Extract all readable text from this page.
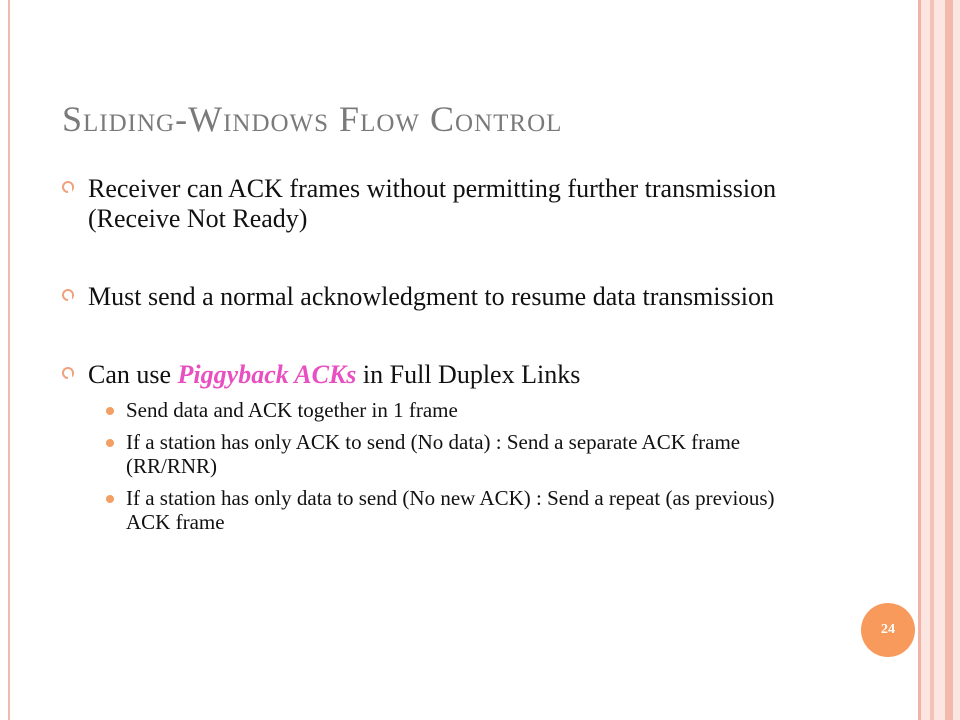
Sliding-Windows Flow Control
Receiver can ACK frames without permitting further transmission (Receive Not Ready)
Must send a normal acknowledgment to resume data transmission
Can use Piggyback ACKs in Full Duplex Links
Send data and ACK together in 1 frame
If a station has only ACK to send (No data) : Send a separate ACK frame (RR/RNR)
If a station has only data to send (No new ACK) : Send a repeat (as previous) ACK frame
24
